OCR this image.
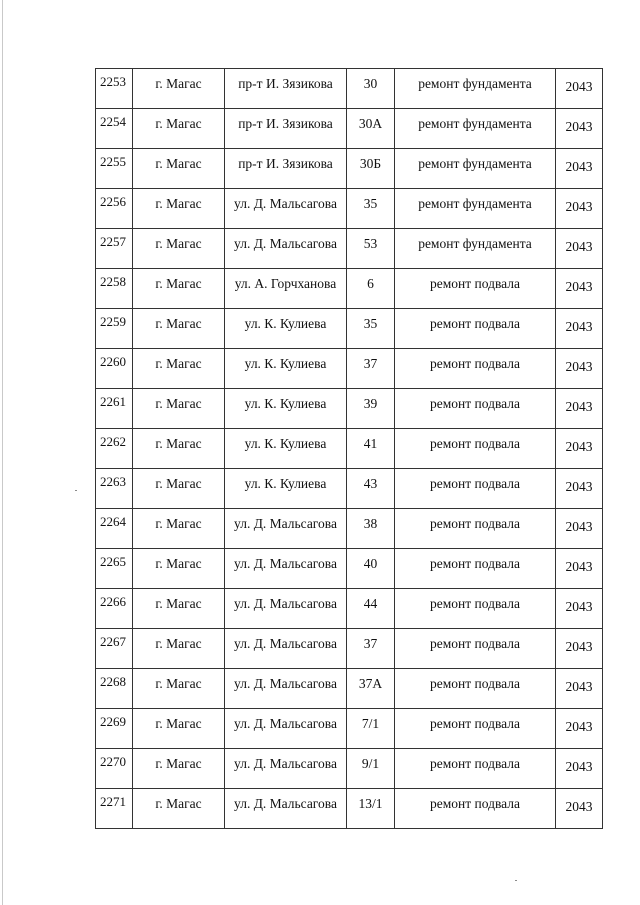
2253	г. Магас	пр-т И. Зязикова	30	ремонт фундамента	2043
2254	г. Магас	пр-т И. Зязикова	30А	ремонт фундамента	2043
2255	г. Магас	пр-т И. Зязикова	30Б	ремонт фундамента	2043
2256	г. Магас	ул. Д. Мальсагова	35	ремонт фундамента	2043
2257	г. Магас	ул. Д. Мальсагова	53	ремонт фундамента	2043
2258	г. Магас	ул. А. Горчханова	6	ремонт подвала	2043
2259	г. Магас	ул. К. Кулиева	35	ремонт подвала	2043
2260	г. Магас	ул. К. Кулиева	37	ремонт подвала	2043
2261	г. Магас	ул. К. Кулиева	39	ремонт подвала	2043
2262	г. Магас	ул. К. Кулиева	41	ремонт подвала	2043
2263	г. Магас	ул. К. Кулиева	43	ремонт подвала	2043
2264	г. Магас	ул. Д. Мальсагова	38	ремонт подвала	2043
2265	г. Магас	ул. Д. Мальсагова	40	ремонт подвала	2043
2266	г. Магас	ул. Д. Мальсагова	44	ремонт подвала	2043
2267	г. Магас	ул. Д. Мальсагова	37	ремонт подвала	2043
2268	г. Магас	ул. Д. Мальсагова	37А	ремонт подвала	2043
2269	г. Магас	ул. Д. Мальсагова	7/1	ремонт подвала	2043
2270	г. Магас	ул. Д. Мальсагова	9/1	ремонт подвала	2043
2271	г. Магас	ул. Д. Мальсагова	13/1	ремонт подвала	2043
